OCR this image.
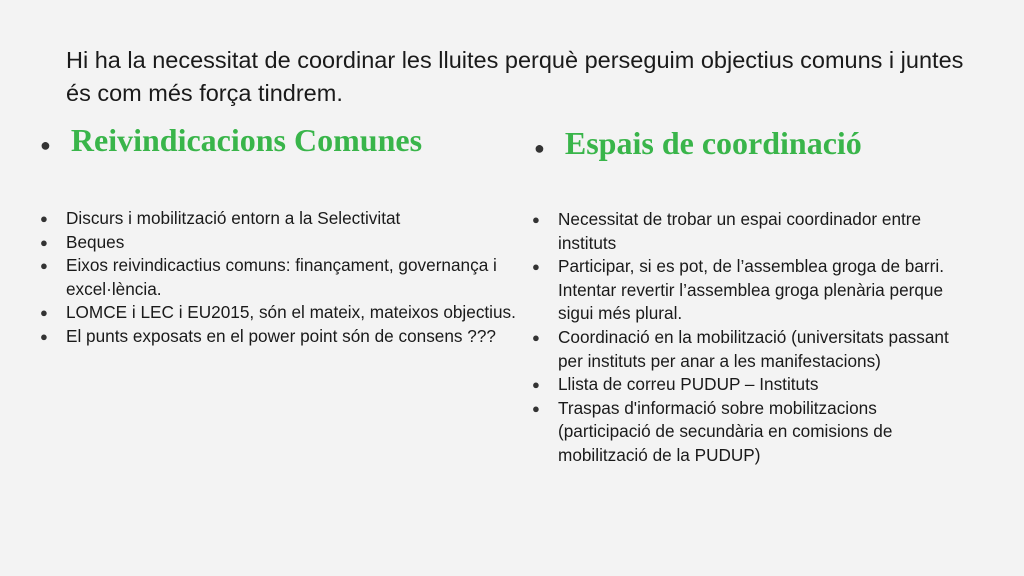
Hi ha la necessitat de coordinar les lluites perquè perseguim objectius comuns i juntes és com més força tindrem.
● Reivindicacions Comunes	● Espais de coordinació
● Discurs i mobilització entorn a la Selectivitat
● Beques
● Eixos reivindicactius comuns: finançament, governança i excel·lència.
● LOMCE i LEC i EU2015, són el mateix, mateixos objectius.
● El punts exposats en el power point són de consens ???
● Necessitat de trobar un espai coordinador entre instituts
● Participar, si es pot, de l’assemblea groga de barri. Intentar revertir l’assemblea groga plenària perque sigui més plural.
● Coordinació en la mobilització (universitats passant per instituts per anar a les manifestacions)
● Llista de correu PUDUP – Instituts
● Traspas d'informació sobre mobilitzacions (participació de secundària en comisions de mobilització de la PUDUP)
